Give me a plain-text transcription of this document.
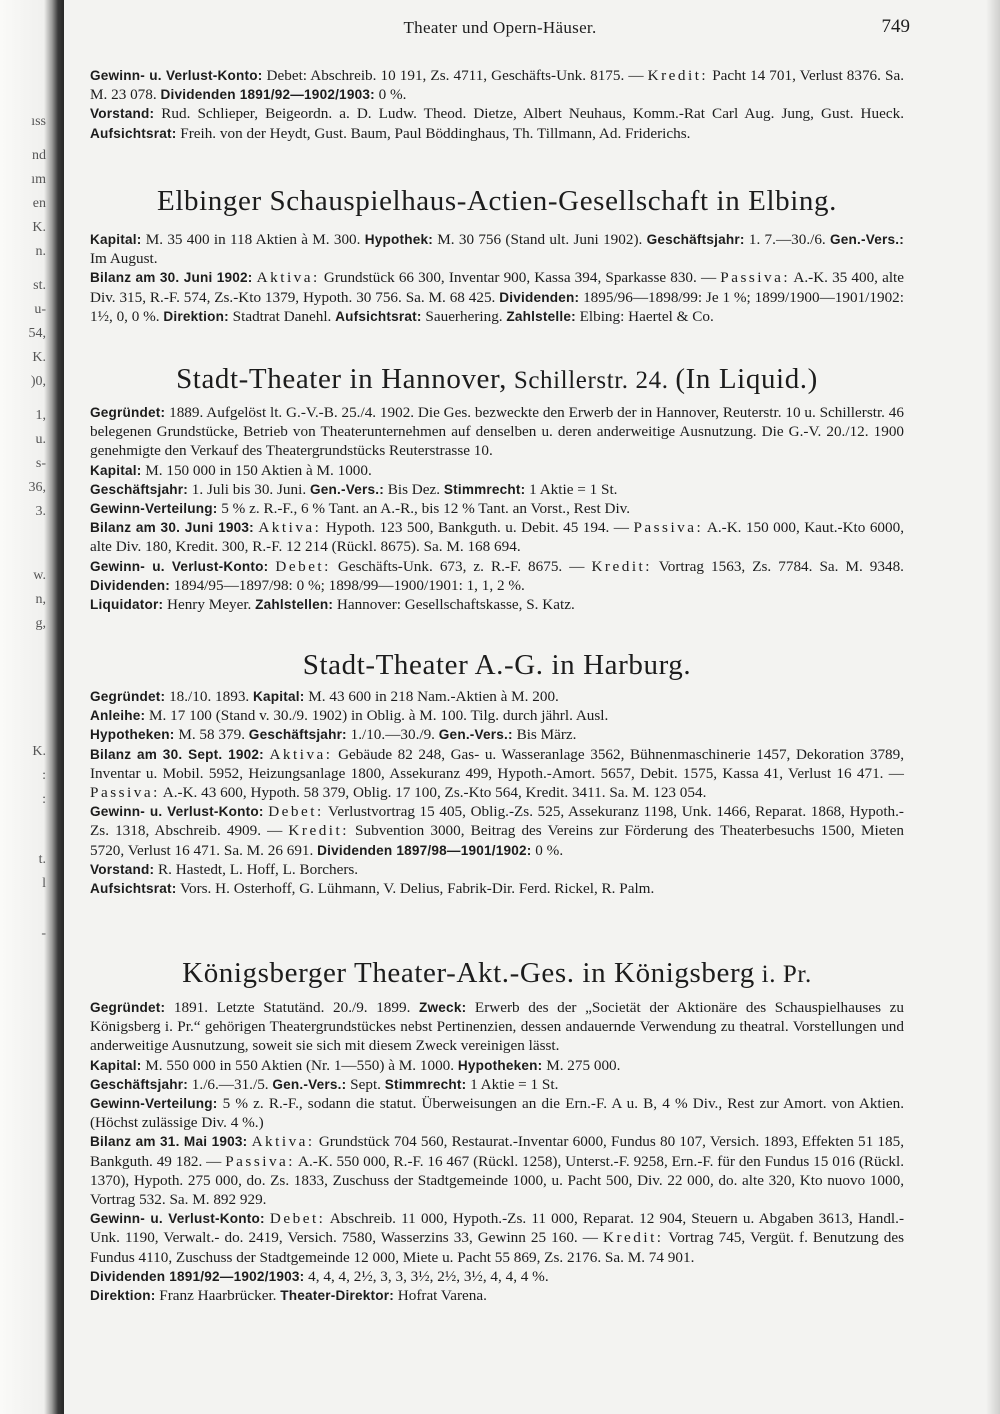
ıss
nd
ım
en
K.
n.
st.
u-
54,
K.
)0,
1,
u.
s-
36,
3.
w.
n,
g,
K.
:
:
t.
l
-
Theater und Opern-Häuser.	749

Gewinn- u. Verlust-Konto: Debet: Abschreib. 10 191, Zs. 4711, Geschäfts-Unk. 8175. — Kredit: Pacht 14 701, Verlust 8376. Sa. M. 23 078. Dividenden 1891/92—1902/1903: 0 %.
Vorstand: Rud. Schlieper, Beigeordn. a. D. Ludw. Theod. Dietze, Albert Neuhaus, Komm.-Rat Carl Aug. Jung, Gust. Hueck. Aufsichtsrat: Freih. von der Heydt, Gust. Baum, Paul Böddinghaus, Th. Tillmann, Ad. Friderichs.

Elbinger Schauspielhaus-Actien-Gesellschaft in Elbing.

Kapital: M. 35 400 in 118 Aktien à M. 300. Hypothek: M. 30 756 (Stand ult. Juni 1902). Geschäftsjahr: 1. 7.—30./6. Gen.-Vers.: Im August.
Bilanz am 30. Juni 1902: Aktiva: Grundstück 66 300, Inventar 900, Kassa 394, Sparkasse 830. — Passiva: A.-K. 35 400, alte Div. 315, R.-F. 574, Zs.-Kto 1379, Hypoth. 30 756. Sa. M. 68 425. Dividenden: 1895/96—1898/99: Je 1 %; 1899/1900—1901/1902: 1½, 0, 0 %. Direktion: Stadtrat Danehl. Aufsichtsrat: Sauerhering. Zahlstelle: Elbing: Haertel & Co.

Stadt-Theater in Hannover, Schillerstr. 24. (In Liquid.)

Gegründet: 1889. Aufgelöst lt. G.-V.-B. 25./4. 1902. Die Ges. bezweckte den Erwerb der in Hannover, Reuterstr. 10 u. Schillerstr. 46 belegenen Grundstücke, Betrieb von Theaterunternehmen auf denselben u. deren anderweitige Ausnutzung. Die G.-V. 20./12. 1900 genehmigte den Verkauf des Theatergrundstücks Reuterstrasse 10.
Kapital: M. 150 000 in 150 Aktien à M. 1000.
Geschäftsjahr: 1. Juli bis 30. Juni. Gen.-Vers.: Bis Dez. Stimmrecht: 1 Aktie = 1 St.
Gewinn-Verteilung: 5 % z. R.-F., 6 % Tant. an A.-R., bis 12 % Tant. an Vorst., Rest Div.
Bilanz am 30. Juni 1903: Aktiva: Hypoth. 123 500, Bankguth. u. Debit. 45 194. — Passiva: A.-K. 150 000, Kaut.-Kto 6000, alte Div. 180, Kredit. 300, R.-F. 12 214 (Rückl. 8675). Sa. M. 168 694.
Gewinn- u. Verlust-Konto: Debet: Geschäfts-Unk. 673, z. R.-F. 8675. — Kredit: Vortrag 1563, Zs. 7784. Sa. M. 9348. Dividenden: 1894/95—1897/98: 0 %; 1898/99—1900/1901: 1, 1, 2 %.
Liquidator: Henry Meyer. Zahlstellen: Hannover: Gesellschaftskasse, S. Katz.

Stadt-Theater A.-G. in Harburg.

Gegründet: 18./10. 1893. Kapital: M. 43 600 in 218 Nam.-Aktien à M. 200.
Anleihe: M. 17 100 (Stand v. 30./9. 1902) in Oblig. à M. 100. Tilg. durch jährl. Ausl.
Hypotheken: M. 58 379. Geschäftsjahr: 1./10.—30./9. Gen.-Vers.: Bis März.
Bilanz am 30. Sept. 1902: Aktiva: Gebäude 82 248, Gas- u. Wasseranlage 3562, Bühnenmaschinerie 1457, Dekoration 3789, Inventar u. Mobil. 5952, Heizungsanlage 1800, Assekuranz 499, Hypoth.-Amort. 5657, Debit. 1575, Kassa 41, Verlust 16 471. — Passiva: A.-K. 43 600, Hypoth. 58 379, Oblig. 17 100, Zs.-Kto 564, Kredit. 3411. Sa. M. 123 054.
Gewinn- u. Verlust-Konto: Debet: Verlustvortrag 15 405, Oblig.-Zs. 525, Assekuranz 1198, Unk. 1466, Reparat. 1868, Hypoth.-Zs. 1318, Abschreib. 4909. — Kredit: Subvention 3000, Beitrag des Vereins zur Förderung des Theaterbesuchs 1500, Mieten 5720, Verlust 16 471. Sa. M. 26 691. Dividenden 1897/98—1901/1902: 0 %.
Vorstand: R. Hastedt, L. Hoff, L. Borchers.
Aufsichtsrat: Vors. H. Osterhoff, G. Lühmann, V. Delius, Fabrik-Dir. Ferd. Rickel, R. Palm.

Königsberger Theater-Akt.-Ges. in Königsberg i. Pr.

Gegründet: 1891. Letzte Statutänd. 20./9. 1899. Zweck: Erwerb des der „Societät der Aktionäre des Schauspielhauses zu Königsberg i. Pr.“ gehörigen Theatergrundstückes nebst Pertinenzien, dessen andauernde Verwendung zu theatral. Vorstellungen und anderweitige Ausnutzung, soweit sie sich mit diesem Zweck vereinigen lässt.
Kapital: M. 550 000 in 550 Aktien (Nr. 1—550) à M. 1000. Hypotheken: M. 275 000.
Geschäftsjahr: 1./6.—31./5. Gen.-Vers.: Sept. Stimmrecht: 1 Aktie = 1 St.
Gewinn-Verteilung: 5 % z. R.-F., sodann die statut. Überweisungen an die Ern.-F. A u. B, 4 % Div., Rest zur Amort. von Aktien. (Höchst zulässige Div. 4 %.)
Bilanz am 31. Mai 1903: Aktiva: Grundstück 704 560, Restaurat.-Inventar 6000, Fundus 80 107, Versich. 1893, Effekten 51 185, Bankguth. 49 182. — Passiva: A.-K. 550 000, R.-F. 16 467 (Rückl. 1258), Unterst.-F. 9258, Ern.-F. für den Fundus 15 016 (Rückl. 1370), Hypoth. 275 000, do. Zs. 1833, Zuschuss der Stadtgemeinde 1000, u. Pacht 500, Div. 22 000, do. alte 320, Kto nuovo 1000, Vortrag 532. Sa. M. 892 929.
Gewinn- u. Verlust-Konto: Debet: Abschreib. 11 000, Hypoth.-Zs. 11 000, Reparat. 12 904, Steuern u. Abgaben 3613, Handl.-Unk. 1190, Verwalt.- do. 2419, Versich. 7580, Wasserzins 33, Gewinn 25 160. — Kredit: Vortrag 745, Vergüt. f. Benutzung des Fundus 4110, Zuschuss der Stadtgemeinde 12 000, Miete u. Pacht 55 869, Zs. 2176. Sa. M. 74 901.
Dividenden 1891/92—1902/1903: 4, 4, 4, 2½, 3, 3, 3½, 2½, 3½, 4, 4, 4 %.
Direktion: Franz Haarbrücker. Theater-Direktor: Hofrat Varena.
